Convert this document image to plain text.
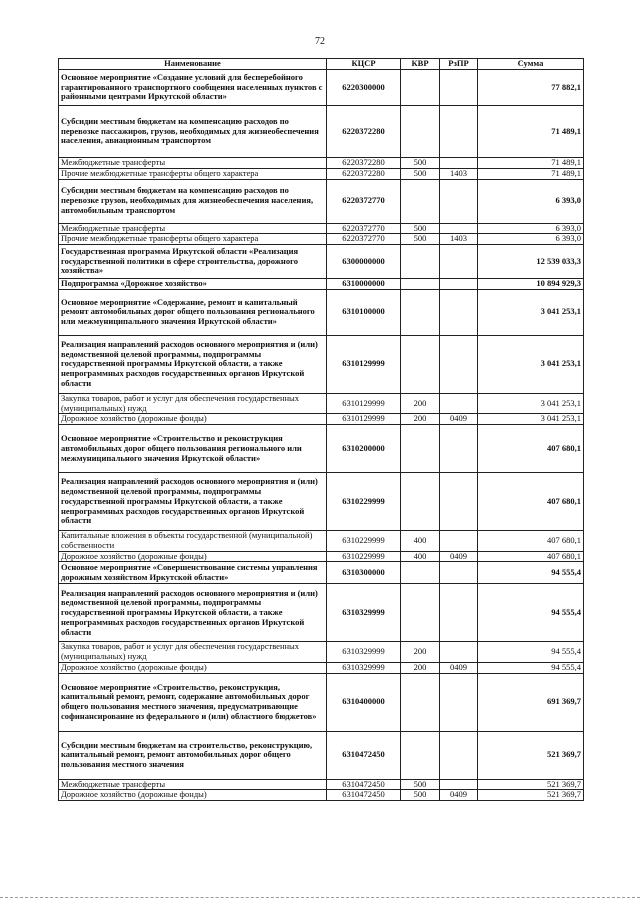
72
Наименование	КЦСР	КВР	РзПР	Сумма
Основное мероприятие «Создание условий для бесперебойного гарантированного транспортного сообщения населенных пунктов с районными центрами Иркутской области»	6220300000			77 882,1
Субсидии местным бюджетам на компенсацию расходов по перевозке пассажиров, грузов, необходимых для жизнеобеспечения населения, авиационным транспортом	6220372280			71 489,1
Межбюджетные трансферты	6220372280	500		71 489,1
Прочие межбюджетные трансферты общего характера	6220372280	500	1403	71 489,1
Субсидии местным бюджетам на компенсацию расходов по перевозке грузов, необходимых для жизнеобеспечения населения, автомобильным транспортом	6220372770			6 393,0
Межбюджетные трансферты	6220372770	500		6 393,0
Прочие межбюджетные трансферты общего характера	6220372770	500	1403	6 393,0
Государственная программа Иркутской области «Реализация государственной политики в сфере строительства, дорожного хозяйства»	6300000000			12 539 033,3
Подпрограмма «Дорожное хозяйство»	6310000000			10 894 929,3
Основное мероприятие «Содержание, ремонт и капитальный ремонт автомобильных дорог общего пользования регионального или межмуниципального значения Иркутской области»	6310100000			3 041 253,1
Реализация направлений расходов основного мероприятия и (или) ведомственной целевой программы, подпрограммы государственной программы Иркутской области, а также непрограммных расходов государственных органов Иркутской области	6310129999			3 041 253,1
Закупка товаров, работ и услуг для обеспечения государственных (муниципальных) нужд	6310129999	200		3 041 253,1
Дорожное хозяйство (дорожные фонды)	6310129999	200	0409	3 041 253,1
Основное мероприятие «Строительство и реконструкция автомобильных дорог общего пользования регионального или межмуниципального значения Иркутской области»	6310200000			407 680,1
Реализация направлений расходов основного мероприятия и (или) ведомственной целевой программы, подпрограммы государственной программы Иркутской области, а также непрограммных расходов государственных органов Иркутской области	6310229999			407 680,1
Капитальные вложения в объекты государственной (муниципальной) собственности	6310229999	400		407 680,1
Дорожное хозяйство (дорожные фонды)	6310229999	400	0409	407 680,1
Основное мероприятие «Совершенствование системы управления дорожным хозяйством Иркутской области»	6310300000			94 555,4
Реализация направлений расходов основного мероприятия и (или) ведомственной целевой программы, подпрограммы государственной программы Иркутской области, а также непрограммных расходов государственных органов Иркутской области	6310329999			94 555,4
Закупка товаров, работ и услуг для обеспечения государственных (муниципальных) нужд	6310329999	200		94 555,4
Дорожное хозяйство (дорожные фонды)	6310329999	200	0409	94 555,4
Основное мероприятие «Строительство, реконструкция, капитальный ремонт, ремонт, содержание автомобильных дорог общего пользования местного значения, предусматривающие софинансирование из федерального и (или) областного бюджетов»	6310400000			691 369,7
Субсидии местным бюджетам на строительство, реконструкцию, капитальный ремонт, ремонт автомобильных дорог общего пользования местного значения	6310472450			521 369,7
Межбюджетные трансферты	6310472450	500		521 369,7
Дорожное хозяйство (дорожные фонды)	6310472450	500	0409	521 369,7
